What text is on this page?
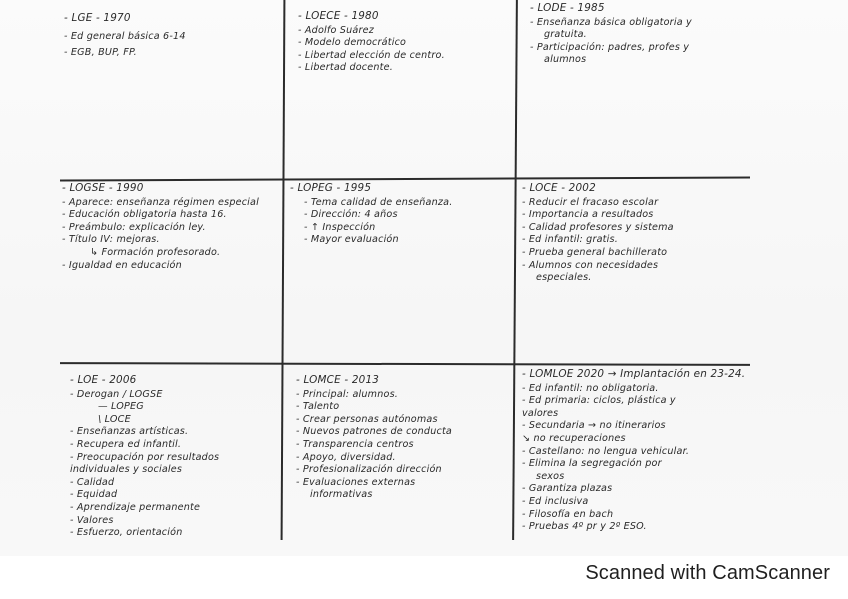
- LGE - 1970
- Ed general básica 6-14
- EGB, BUP, FP.
- LOECE - 1980
- Adolfo Suárez
- Modelo democrático
- Libertad elección de centro.
- Libertad docente.
- LODE - 1985
- Enseñanza básica obligatoria y
gratuita.
- Participación: padres, profes y
alumnos
- LOGSE - 1990
- Aparece: enseñanza régimen especial
- Educación obligatoria hasta 16.
- Preámbulo: explicación ley.
- Título IV: mejoras.
↳ Formación profesorado.
- Igualdad en educación
- LOPEG - 1995
- Tema calidad de enseñanza.
- Dirección: 4 años
- ↑ Inspección
- Mayor evaluación
- LOCE - 2002
- Reducir el fracaso escolar
- Importancia a resultados
- Calidad profesores y sistema
- Ed infantil: gratis.
- Prueba general bachillerato
- Alumnos con necesidades
especiales.
- LOE - 2006
- Derogan / LOGSE
— LOPEG
\ LOCE
- Enseñanzas artísticas.
- Recupera ed infantil.
- Preocupación por resultados
individuales y sociales
- Calidad
- Equidad
- Aprendizaje permanente
- Valores
- Esfuerzo, orientación
- LOMCE - 2013
- Principal: alumnos.
- Talento
- Crear personas autónomas
- Nuevos patrones de conducta
- Transparencia centros
- Apoyo, diversidad.
- Profesionalización dirección
- Evaluaciones externas
informativas
- LOMLOE 2020 → Implantación en 23-24.
- Ed infantil: no obligatoria.
- Ed primaria: ciclos, plástica y
valores
- Secundaria → no itinerarios
↘ no recuperaciones
- Castellano: no lengua vehicular.
- Elimina la segregación por
sexos
- Garantiza plazas
- Ed inclusiva
- Filosofía en bach
- Pruebas 4º pr y 2º ESO.
Scanned with CamScanner
